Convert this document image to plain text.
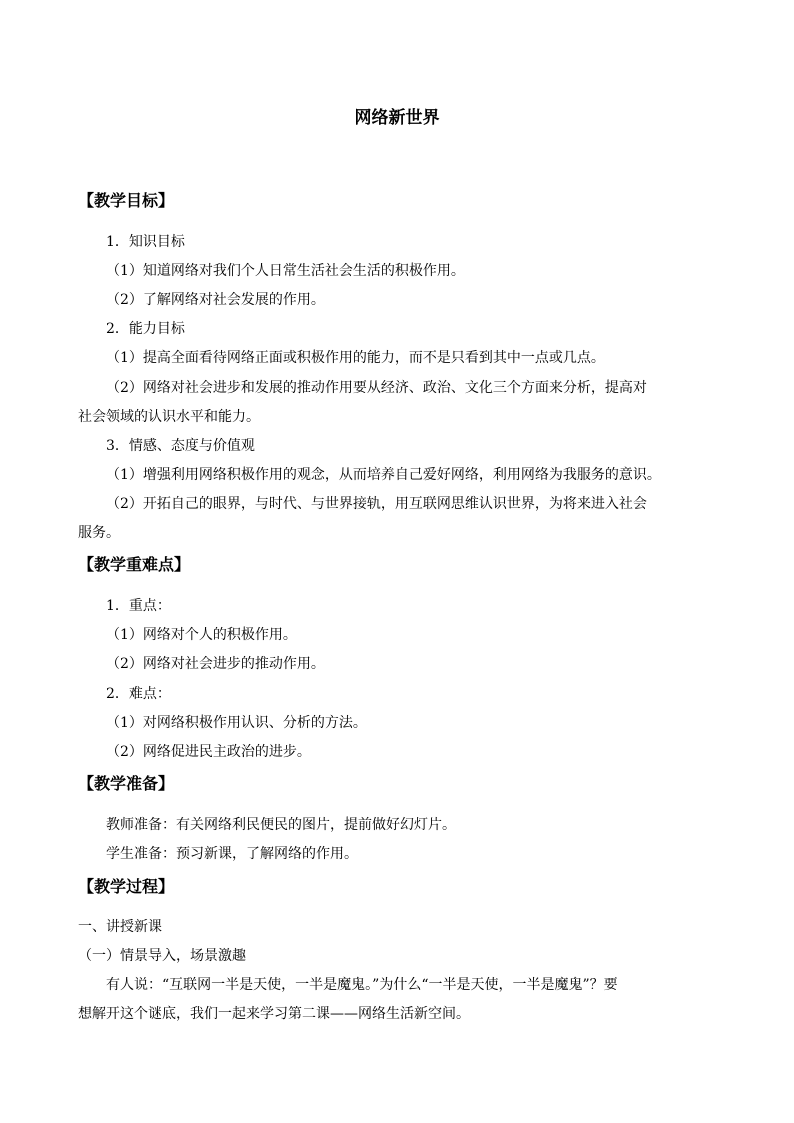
网络新世界
【教学目标】
1．知识目标
（1）知道网络对我们个人日常生活社会生活的积极作用。
（2）了解网络对社会发展的作用。
2．能力目标
（1）提高全面看待网络正面或积极作用的能力，而不是只看到其中一点或几点。
（2）网络对社会进步和发展的推动作用要从经济、政治、文化三个方面来分析，提高对
社会领域的认识水平和能力。
3．情感、态度与价值观
（1）增强利用网络积极作用的观念，从而培养自己爱好网络，利用网络为我服务的意识。
（2）开拓自己的眼界，与时代、与世界接轨，用互联网思维认识世界，为将来进入社会
服务。
【教学重难点】
1．重点：
（1）网络对个人的积极作用。
（2）网络对社会进步的推动作用。
2．难点：
（1）对网络积极作用认识、分析的方法。
（2）网络促进民主政治的进步。
【教学准备】
教师准备：有关网络利民便民的图片，提前做好幻灯片。
学生准备：预习新课，了解网络的作用。
【教学过程】
一、讲授新课
（一）情景导入，场景激趣
有人说：“互联网一半是天使，一半是魔鬼。”为什么“一半是天使，一半是魔鬼”？要
想解开这个谜底，我们一起来学习第二课——网络生活新空间。
